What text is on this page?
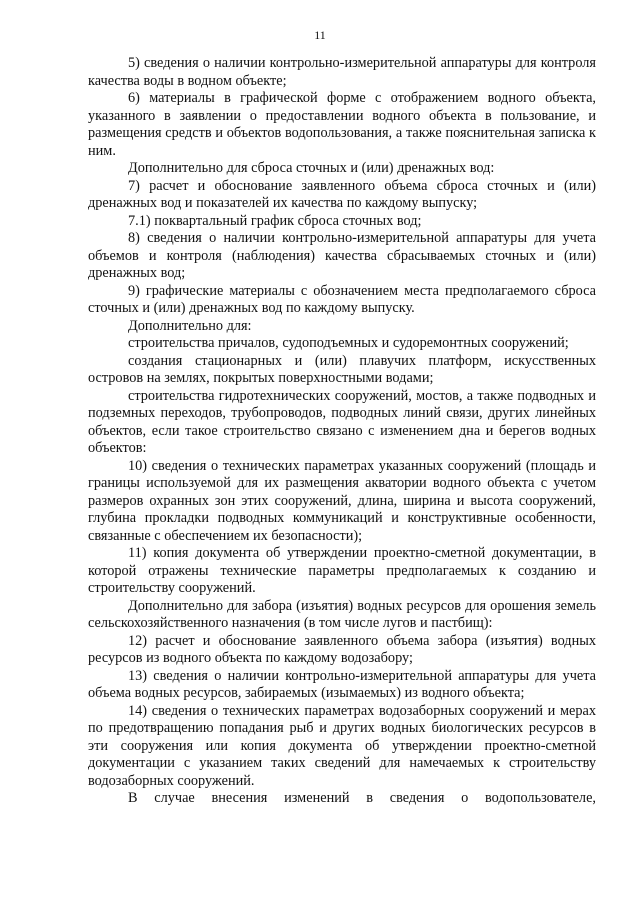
11

5) сведения о наличии контрольно-измерительной аппаратуры для контроля качества воды в водном объекте;

6) материалы в графической форме с отображением водного объекта, указанного в заявлении о предоставлении водного объекта в пользование, и размещения средств и объектов водопользования, а также пояснительная записка к ним.

Дополнительно для сброса сточных и (или) дренажных вод:

7) расчет и обоснование заявленного объема сброса сточных и (или) дренажных вод и показателей их качества по каждому выпуску;

7.1) поквартальный график сброса сточных вод;

8) сведения о наличии контрольно-измерительной аппаратуры для учета объемов и контроля (наблюдения) качества сбрасываемых сточных и (или) дренажных вод;

9) графические материалы с обозначением места предполагаемого сброса сточных и (или) дренажных вод по каждому выпуску.

Дополнительно для:

строительства причалов, судоподъемных и судоремонтных сооружений;

создания стационарных и (или) плавучих платформ, искусственных островов на землях, покрытых поверхностными водами;

строительства гидротехнических сооружений, мостов, а также подводных и подземных переходов, трубопроводов, подводных линий связи, других линейных объектов, если такое строительство связано с изменением дна и берегов водных объектов:

10) сведения о технических параметрах указанных сооружений (площадь и границы используемой для их размещения акватории водного объекта с учетом размеров охранных зон этих сооружений, длина, ширина и высота сооружений, глубина прокладки подводных коммуникаций и конструктивные особенности, связанные с обеспечением их безопасности);

11) копия документа об утверждении проектно-сметной документации, в которой отражены технические параметры предполагаемых к созданию и строительству сооружений.

Дополнительно для забора (изъятия) водных ресурсов для орошения земель сельскохозяйственного назначения (в том числе лугов и пастбищ):

12) расчет и обоснование заявленного объема забора (изъятия) водных ресурсов из водного объекта по каждому водозабору;

13) сведения о наличии контрольно-измерительной аппаратуры для учета объема водных ресурсов, забираемых (изымаемых) из водного объекта;

14) сведения о технических параметрах водозаборных сооружений и мерах по предотвращению попадания рыб и других водных биологических ресурсов в эти сооружения или копия документа об утверждении проектно-сметной документации с указанием таких сведений для намечаемых к строительству водозаборных сооружений.

В случае внесения изменений в сведения о водопользователе,
